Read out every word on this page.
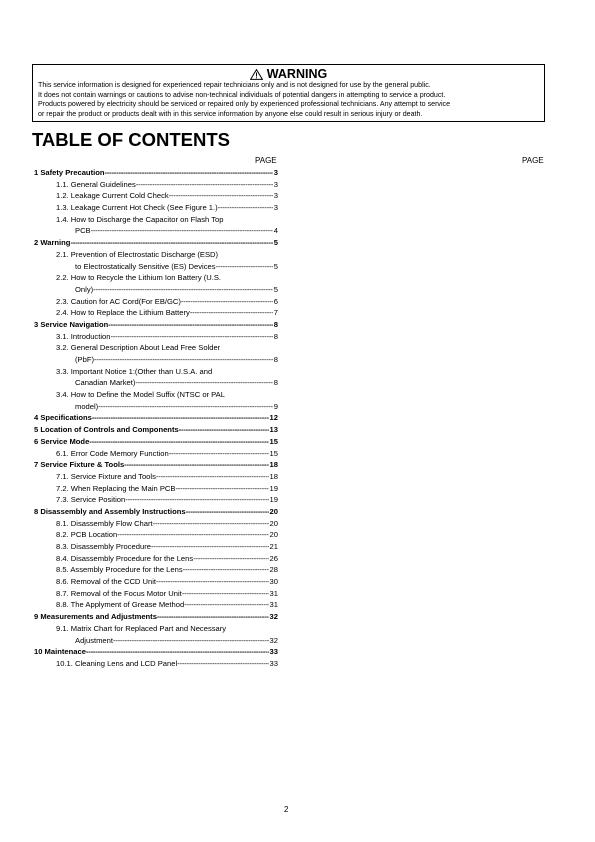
WARNING
This service information is designed for experienced repair technicians only and is not designed for use by the general public.
It does not contain warnings or cautions to advise non-technical individuals of potential dangers in attempting to service a product.
Products powered by electricity should be serviced or repaired only by experienced professional technicians. Any attempt to service
or repair the product or products dealt with in this service information by anyone else could result in serious injury or death.
TABLE OF CONTENTS
PAGE	PAGE
1 Safety Precaution -----	3
1.1. General Guidelines -----	3
1.2. Leakage Current Cold Check -----	3
1.3. Leakage Current Hot Check (See Figure 1.) -----	3
1.4. How to Discharge the Capacitor on Flash Top
PCB -----	4
2 Warning -----	5
2.1. Prevention of Electrostatic Discharge (ESD)
to Electrostatically Sensitive (ES) Devices -----	5
2.2. How to Recycle the Lithium Ion Battery (U.S.
Only) -----	5
2.3. Caution for AC Cord(For EB/GC) -----	6
2.4. How to Replace the Lithium Battery -----	7
3 Service Navigation -----	8
3.1. Introduction -----	8
3.2. General Description About Lead Free Solder
(PbF) -----	8
3.3. Important Notice 1:(Other than U.S.A. and
Canadian Market) -----	8
3.4. How to Define the Model Suffix (NTSC or PAL
model) -----	9
4 Specifications -----	12
5 Location of Controls and Components -----	13
6 Service Mode -----	15
6.1. Error Code Memory Function -----	15
7 Service Fixture & Tools -----	18
7.1. Service Fixture and Tools -----	18
7.2. When Replacing the Main PCB -----	19
7.3. Service Position -----	19
8 Disassembly and Assembly Instructions -----	20
8.1. Disassembly Flow Chart -----	20
8.2. PCB Location -----	20
8.3. Disassembly Procedure -----	21
8.4. Disassembly Procedure for the Lens -----	26
8.5. Assembly Procedure for the Lens -----	28
8.6. Removal of the CCD Unit -----	30
8.7. Removal of the Focus Motor Unit -----	31
8.8. The Applyment of Grease Method -----	31
9 Measurements and Adjustments -----	32
9.1. Matrix Chart for Replaced Part and Necessary
Adjustment -----	32
10 Maintenace -----	33
10.1. Cleaning Lens and LCD Panel -----	33
2
